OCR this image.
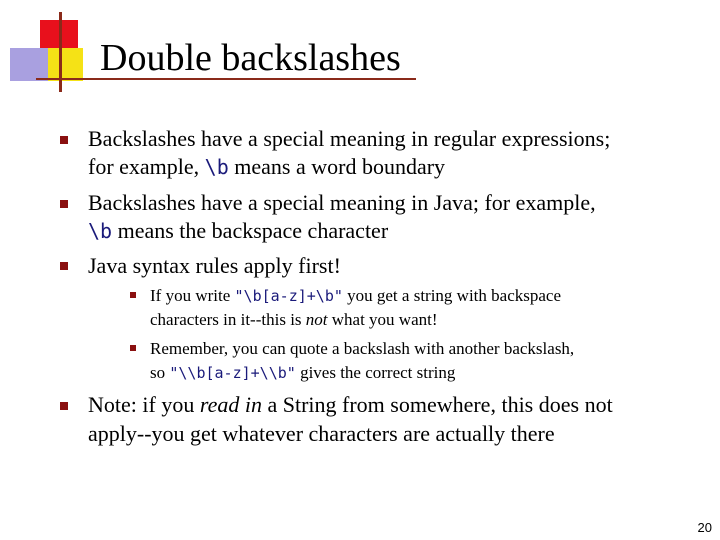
Double backslashes
Backslashes have a special meaning in regular expressions;
for example, \b means a word boundary
Backslashes have a special meaning in Java; for example,
\b means the backspace character
Java syntax rules apply first!
If you write "\b[a-z]+\b" you get a string with backspace
characters in it--this is not what you want!
Remember, you can quote a backslash with another backslash,
so "\\b[a-z]+\\b" gives the correct string
Note: if you read in a String from somewhere, this does not
apply--you get whatever characters are actually there
20
